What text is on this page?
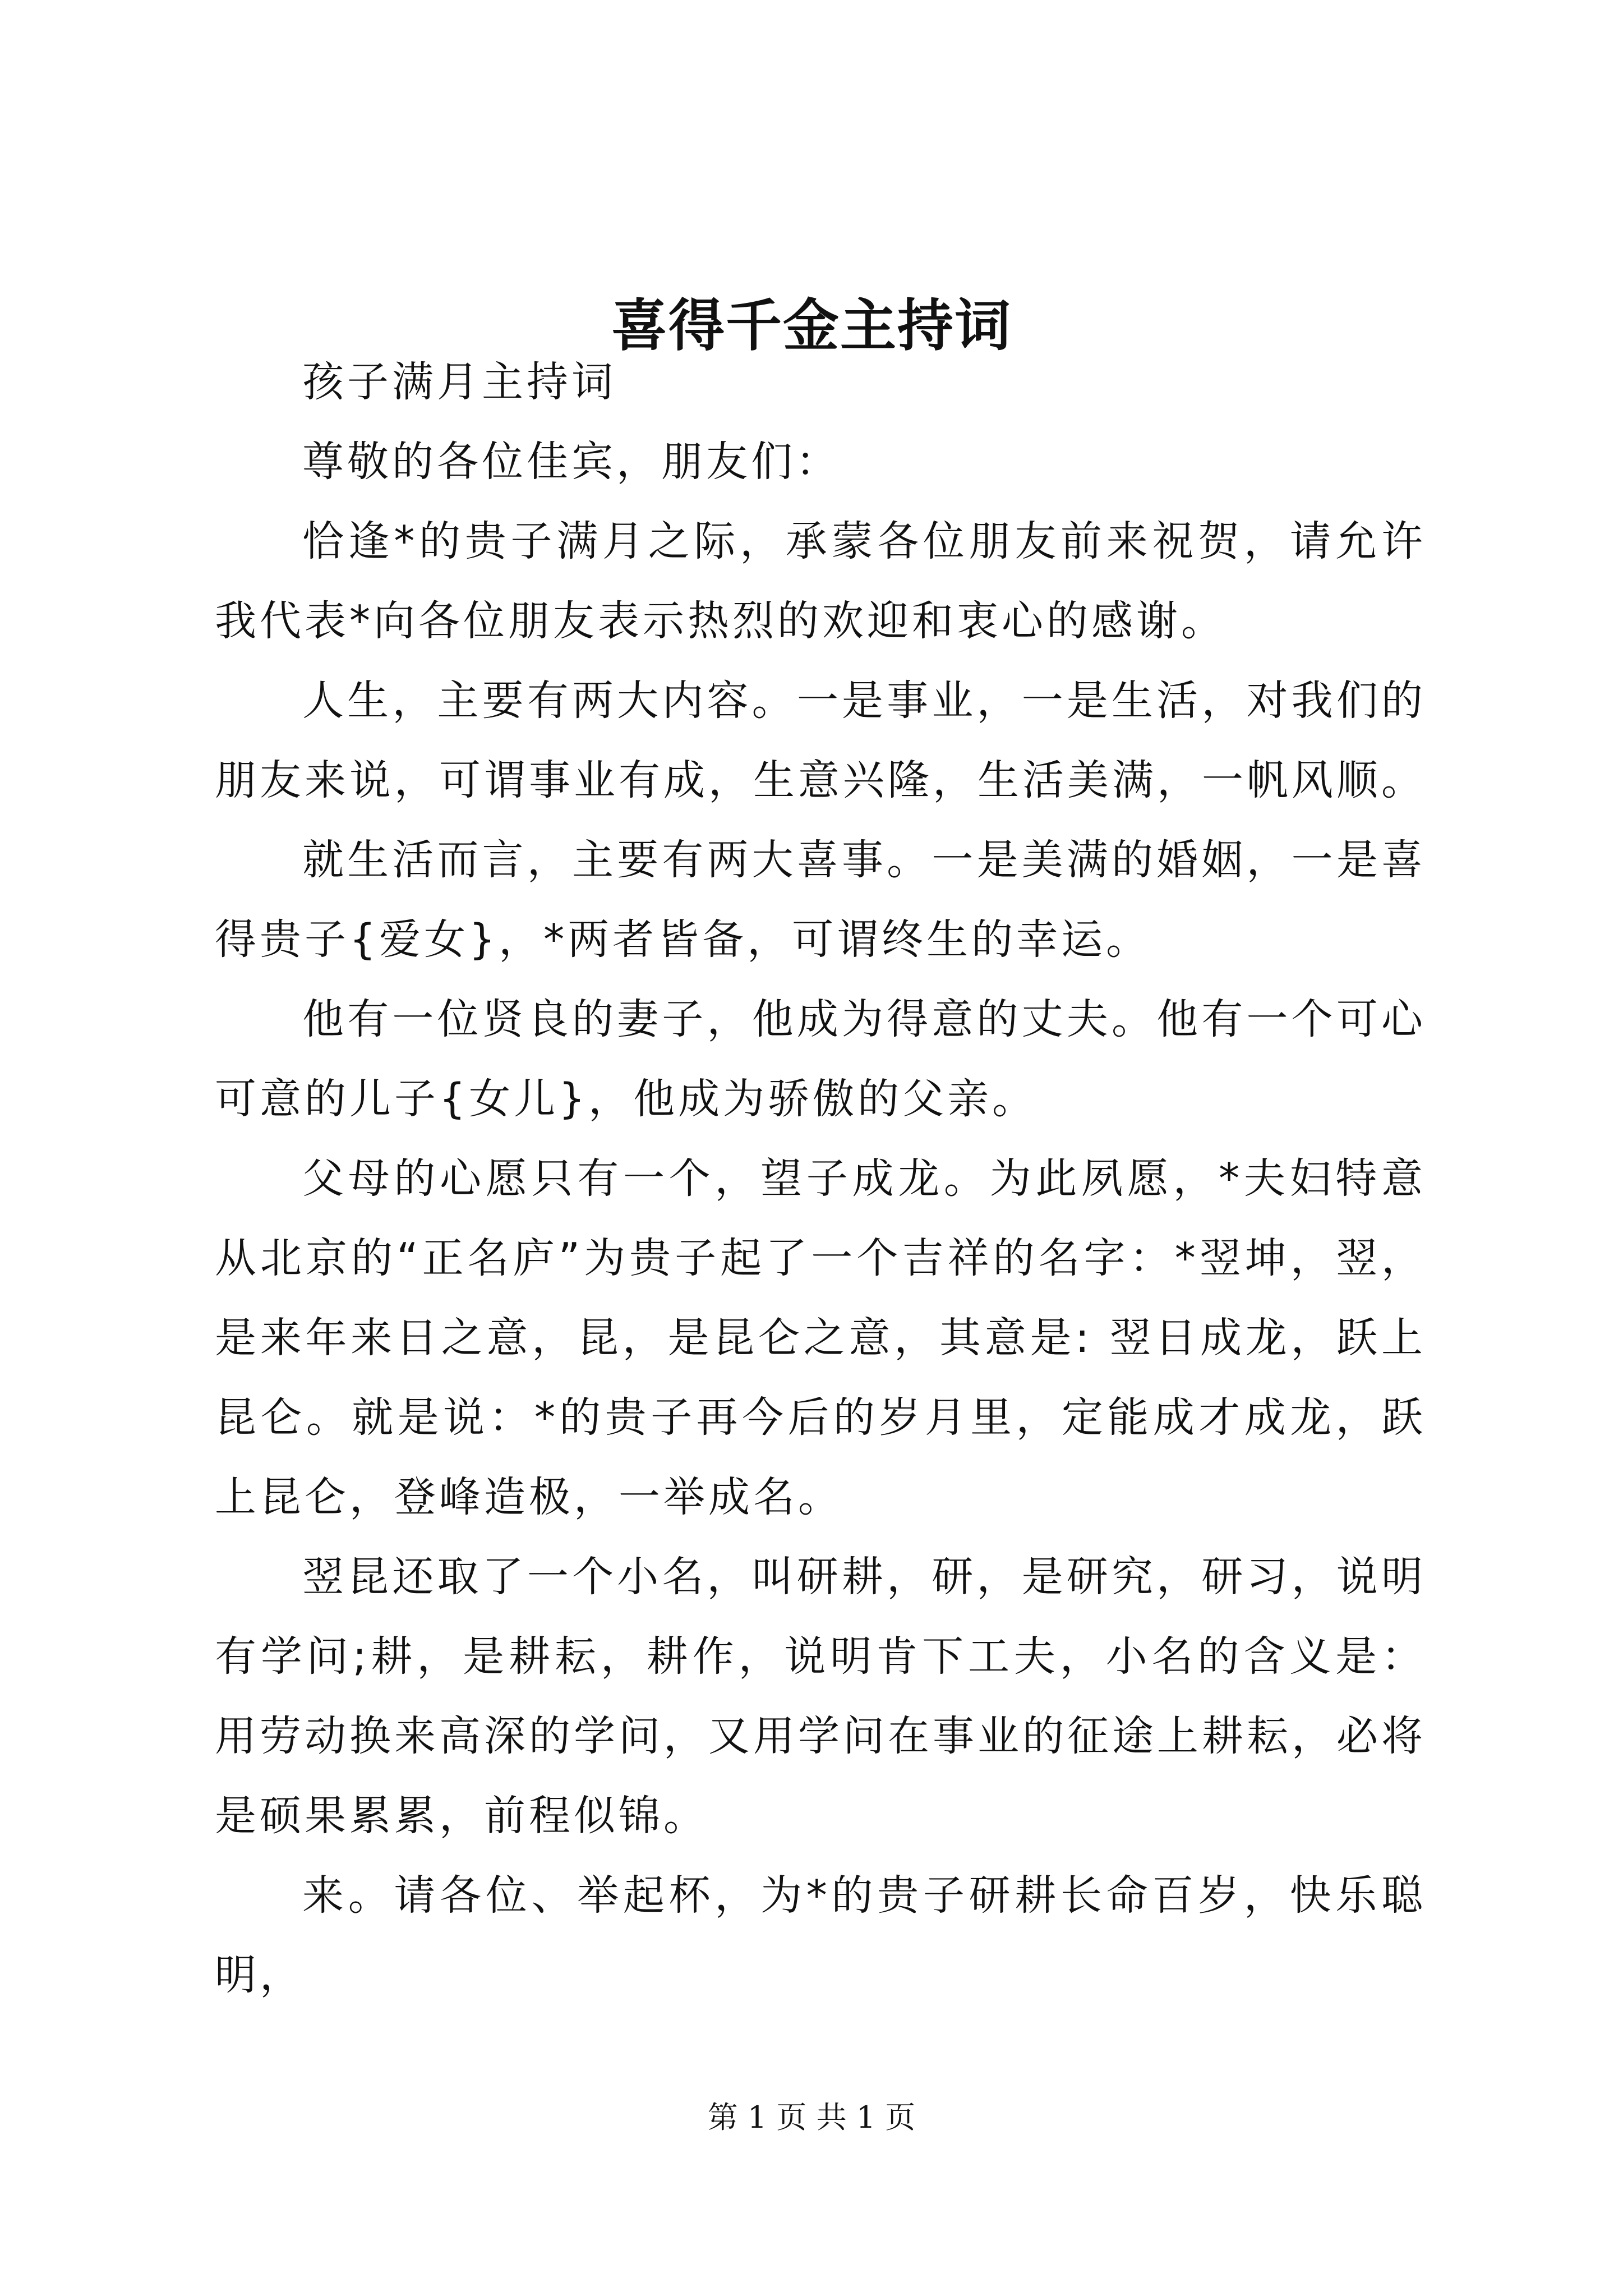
喜得千金主持词

孩子满月主持词

尊敬的各位佳宾，朋友们：

恰逢*的贵子满月之际，承蒙各位朋友前来祝贺，请允许我代表*向各位朋友表示热烈的欢迎和衷心的感谢。

人生，主要有两大内容。一是事业，一是生活，对我们的朋友来说，可谓事业有成，生意兴隆，生活美满，一帆风顺。

就生活而言，主要有两大喜事。一是美满的婚姻，一是喜得贵子{爱女}，*两者皆备，可谓终生的幸运。

他有一位贤良的妻子，他成为得意的丈夫。他有一个可心可意的儿子{女儿}，他成为骄傲的父亲。

父母的心愿只有一个，望子成龙。为此夙愿，*夫妇特意从北京的“正名庐”为贵子起了一个吉祥的名字：*翌坤，翌，是来年来日之意，昆，是昆仑之意，其意是: 翌日成龙，跃上昆仑。就是说：*的贵子再今后的岁月里，定能成才成龙，跃上昆仑，登峰造极，一举成名。

翌昆还取了一个小名，叫研耕，研，是研究，研习，说明有学问;耕，是耕耘，耕作，说明肯下工夫，小名的含义是：用劳动换来高深的学问，又用学问在事业的征途上耕耘，必将是硕果累累，前程似锦。

来。请各位、举起杯，为*的贵子研耕长命百岁，快乐聪明，

第 1 页 共 1 页
